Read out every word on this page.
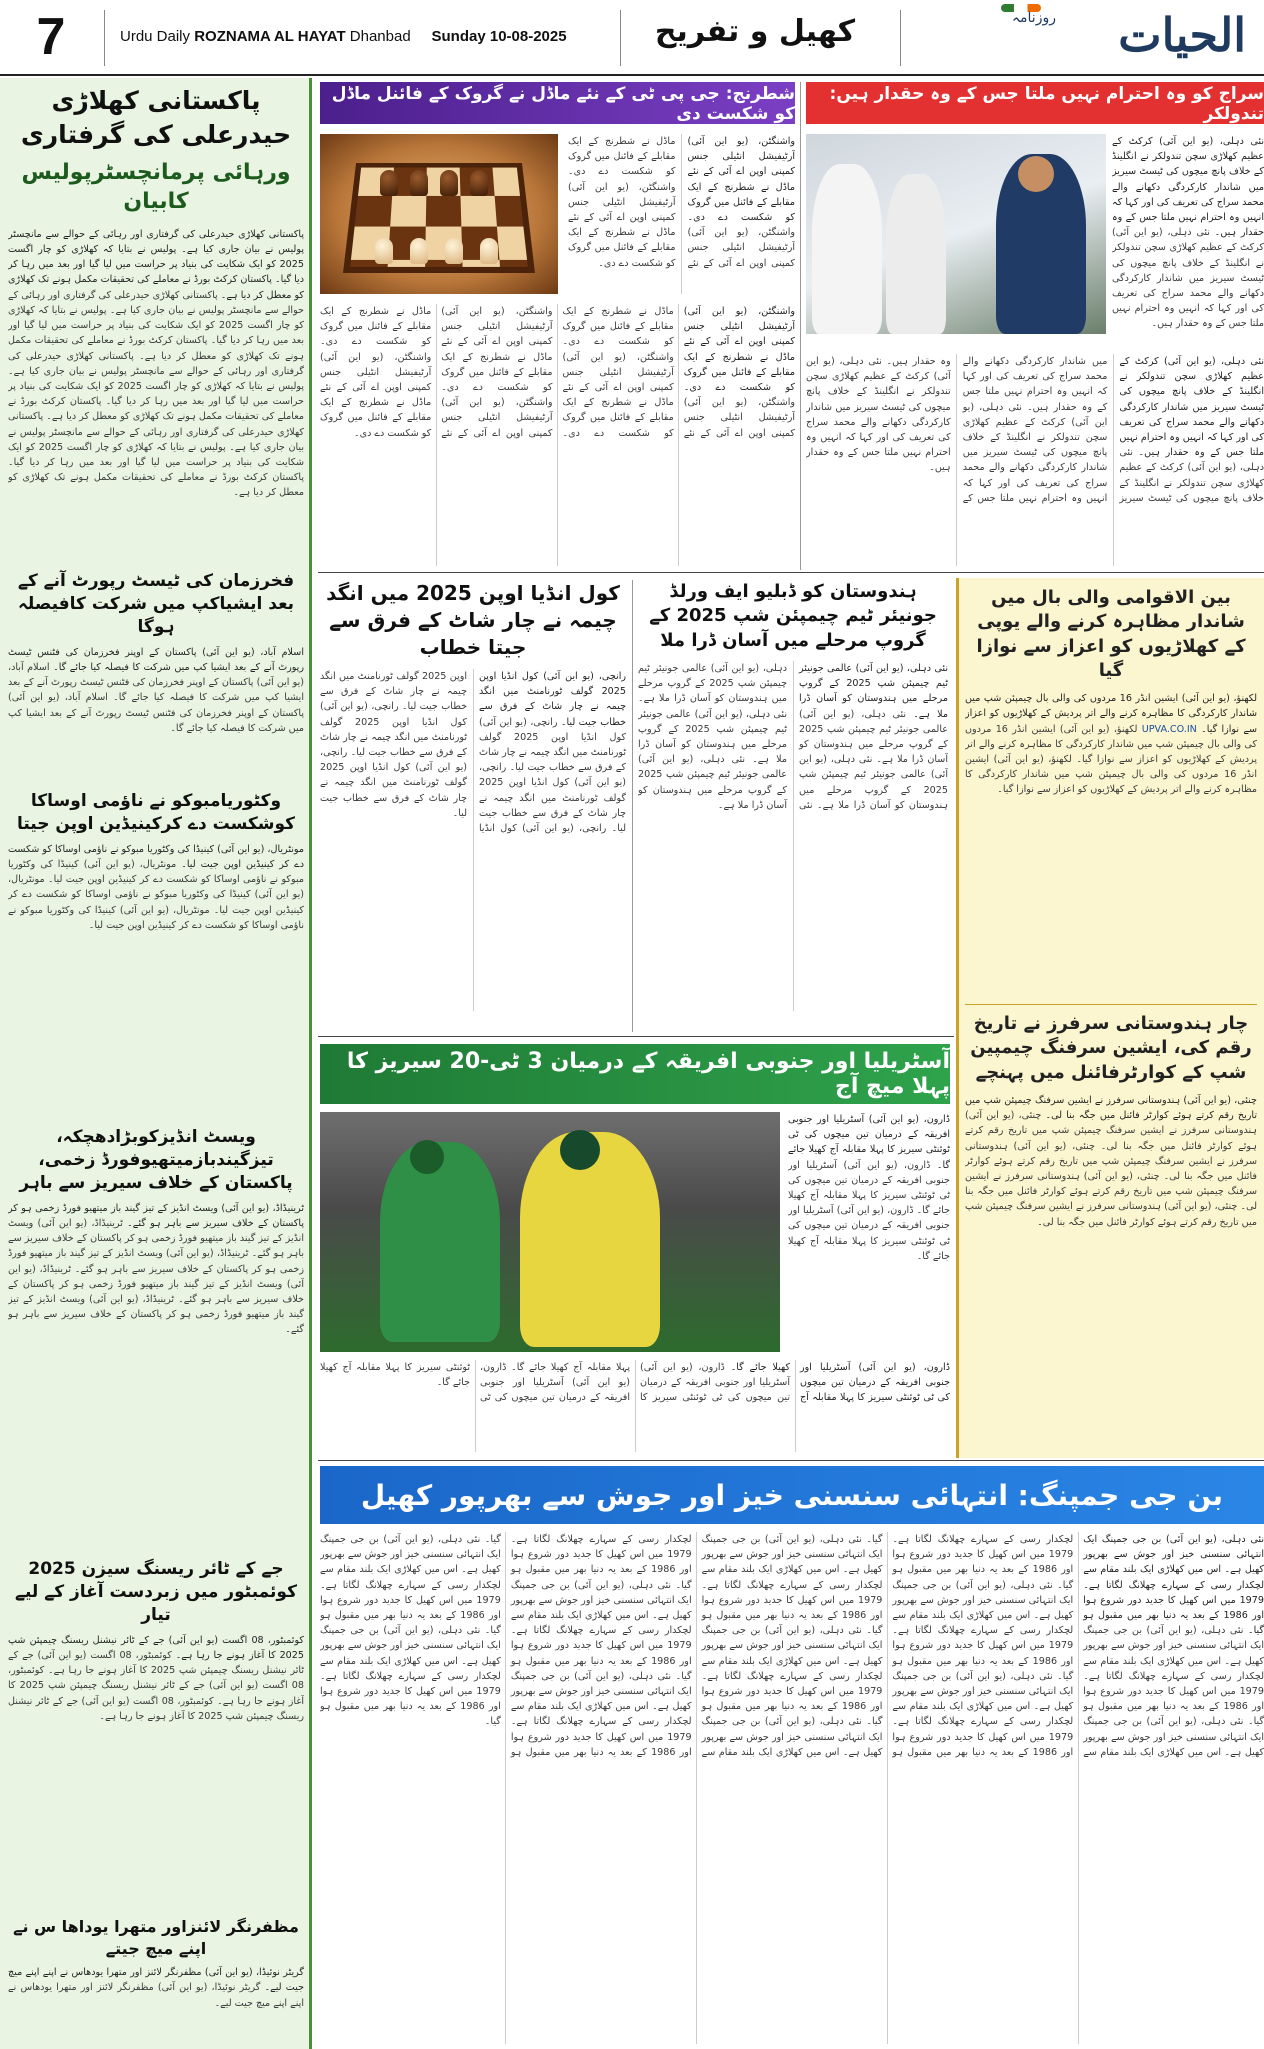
7	Urdu Daily ROZNAMA AL HAYAT Dhanbad Sunday 10-08-2025	کھیل و تفریح	روزنامہ الحیات
پاکستانی کھلاڑی حیدرعلی کی گرفتاری
ورہائی پرمانچسٹرپولیس کابیان

پاکستانی کھلاڑی حیدرعلی کی گرفتاری اور رہائی کے حوالے سے مانچسٹر پولیس نے بیان جاری کیا ہے۔ پولیس نے بتایا کہ کھلاڑی کو چار اگست 2025 کو ایک شکایت کی بنیاد پر حراست میں لیا گیا اور بعد میں رہا کر دیا گیا۔ پاکستان کرکٹ بورڈ نے معاملے کی تحقیقات مکمل ہونے تک کھلاڑی کو معطل کر دیا ہے۔ پاکستانی کھلاڑی حیدرعلی کی گرفتاری اور رہائی کے حوالے سے مانچسٹر پولیس نے بیان جاری کیا ہے۔ پولیس نے بتایا کہ کھلاڑی کو چار اگست 2025 کو ایک شکایت کی بنیاد پر حراست میں لیا گیا اور بعد میں رہا کر دیا گیا۔ پاکستان کرکٹ بورڈ نے معاملے کی تحقیقات مکمل ہونے تک کھلاڑی کو معطل کر دیا ہے۔ پاکستانی کھلاڑی حیدرعلی کی گرفتاری اور رہائی کے حوالے سے مانچسٹر پولیس نے بیان جاری کیا ہے۔ پولیس نے بتایا کہ کھلاڑی کو چار اگست 2025 کو ایک شکایت کی بنیاد پر حراست میں لیا گیا اور بعد میں رہا کر دیا گیا۔ پاکستان کرکٹ بورڈ نے معاملے کی تحقیقات مکمل ہونے تک کھلاڑی کو معطل کر دیا ہے۔ پاکستانی کھلاڑی حیدرعلی کی گرفتاری اور رہائی کے حوالے سے مانچسٹر پولیس نے بیان جاری کیا ہے۔ پولیس نے بتایا کہ کھلاڑی کو چار اگست 2025 کو ایک شکایت کی بنیاد پر حراست میں لیا گیا اور بعد میں رہا کر دیا گیا۔ پاکستان کرکٹ بورڈ نے معاملے کی تحقیقات مکمل ہونے تک کھلاڑی کو معطل کر دیا ہے۔

فخرزمان کی ٹیسٹ رپورٹ آنے کے بعد ایشیاکپ میں شرکت کافیصلہ ہوگا

اسلام آباد، (یو این آئی) پاکستان کے اوپنر فخرزمان کی فٹنس ٹیسٹ رپورٹ آنے کے بعد ایشیا کپ میں شرکت کا فیصلہ کیا جائے گا۔ اسلام آباد، (یو این آئی) پاکستان کے اوپنر فخرزمان کی فٹنس ٹیسٹ رپورٹ آنے کے بعد ایشیا کپ میں شرکت کا فیصلہ کیا جائے گا۔ اسلام آباد، (یو این آئی) پاکستان کے اوپنر فخرزمان کی فٹنس ٹیسٹ رپورٹ آنے کے بعد ایشیا کپ میں شرکت کا فیصلہ کیا جائے گا۔

وکٹوریامبوکو نے ناؤمی اوساکا کوشکست دے کرکینیڈین اوپن جیتا

مونٹریال، (یو این آئی) کینیڈا کی وکٹوریا مبوکو نے ناؤمی اوساکا کو شکست دے کر کینیڈین اوپن جیت لیا۔ مونٹریال، (یو این آئی) کینیڈا کی وکٹوریا مبوکو نے ناؤمی اوساکا کو شکست دے کر کینیڈین اوپن جیت لیا۔ مونٹریال، (یو این آئی) کینیڈا کی وکٹوریا مبوکو نے ناؤمی اوساکا کو شکست دے کر کینیڈین اوپن جیت لیا۔ مونٹریال، (یو این آئی) کینیڈا کی وکٹوریا مبوکو نے ناؤمی اوساکا کو شکست دے کر کینیڈین اوپن جیت لیا۔

ویسٹ انڈیزکوبڑادھچکہ، تیزگیندبازمیتھیوفورڈ زخمی، پاکستان کے خلاف سیریز سے باہر

ٹرینیڈاڈ، (یو این آئی) ویسٹ انڈیز کے تیز گیند باز میتھیو فورڈ زخمی ہو کر پاکستان کے خلاف سیریز سے باہر ہو گئے۔ ٹرینیڈاڈ، (یو این آئی) ویسٹ انڈیز کے تیز گیند باز میتھیو فورڈ زخمی ہو کر پاکستان کے خلاف سیریز سے باہر ہو گئے۔ ٹرینیڈاڈ، (یو این آئی) ویسٹ انڈیز کے تیز گیند باز میتھیو فورڈ زخمی ہو کر پاکستان کے خلاف سیریز سے باہر ہو گئے۔ ٹرینیڈاڈ، (یو این آئی) ویسٹ انڈیز کے تیز گیند باز میتھیو فورڈ زخمی ہو کر پاکستان کے خلاف سیریز سے باہر ہو گئے۔ ٹرینیڈاڈ، (یو این آئی) ویسٹ انڈیز کے تیز گیند باز میتھیو فورڈ زخمی ہو کر پاکستان کے خلاف سیریز سے باہر ہو گئے۔

جے کے ٹائر ریسنگ سیزن 2025 کوئمبٹور میں زبردست آغاز کے لیے تیار

کوئمبٹور، 08 اگست (یو این آئی) جے کے ٹائر نیشنل ریسنگ چیمپئن شپ 2025 کا آغاز ہونے جا رہا ہے۔ کوئمبٹور، 08 اگست (یو این آئی) جے کے ٹائر نیشنل ریسنگ چیمپئن شپ 2025 کا آغاز ہونے جا رہا ہے۔ کوئمبٹور، 08 اگست (یو این آئی) جے کے ٹائر نیشنل ریسنگ چیمپئن شپ 2025 کا آغاز ہونے جا رہا ہے۔ کوئمبٹور، 08 اگست (یو این آئی) جے کے ٹائر نیشنل ریسنگ چیمپئن شپ 2025 کا آغاز ہونے جا رہا ہے۔

مظفرنگر لائنزاور متھرا یوداھا س نے اپنے میچ جیتے

گریٹر نوئیڈا، (یو این آئی) مظفرنگر لائنز اور متھرا یودھاس نے اپنے اپنے میچ جیت لیے۔ گریٹر نوئیڈا، (یو این آئی) مظفرنگر لائنز اور متھرا یودھاس نے اپنے اپنے میچ جیت لیے۔

شطرنج: جی پی ٹی کے نئے ماڈل نے گروک کے فائنل ماڈل کو شکست دی
واشنگٹن، (یو این آئی) آرٹیفیشل انٹیلی جنس کمپنی اوپن اے آئی کے نئے ماڈل نے شطرنج کے ایک مقابلے کے فائنل میں گروک کو شکست دے دی۔ واشنگٹن، (یو این آئی) آرٹیفیشل انٹیلی جنس کمپنی اوپن اے آئی کے نئے ماڈل نے شطرنج کے ایک مقابلے کے فائنل میں گروک کو شکست دے دی۔ واشنگٹن، (یو این آئی) آرٹیفیشل انٹیلی جنس کمپنی اوپن اے آئی کے نئے ماڈل نے شطرنج کے ایک مقابلے کے فائنل میں گروک کو شکست دے دی۔
واشنگٹن، (یو این آئی) آرٹیفیشل انٹیلی جنس کمپنی اوپن اے آئی کے نئے ماڈل نے شطرنج کے ایک مقابلے کے فائنل میں گروک کو شکست دے دی۔ واشنگٹن، (یو این آئی) آرٹیفیشل انٹیلی جنس کمپنی اوپن اے آئی کے نئے ماڈل نے شطرنج کے ایک مقابلے کے فائنل میں گروک کو شکست دے دی۔ واشنگٹن، (یو این آئی) آرٹیفیشل انٹیلی جنس کمپنی اوپن اے آئی کے نئے ماڈل نے شطرنج کے ایک مقابلے کے فائنل میں گروک کو شکست دے دی۔ واشنگٹن، (یو این آئی) آرٹیفیشل انٹیلی جنس کمپنی اوپن اے آئی کے نئے ماڈل نے شطرنج کے ایک مقابلے کے فائنل میں گروک کو شکست دے دی۔ واشنگٹن، (یو این آئی) آرٹیفیشل انٹیلی جنس کمپنی اوپن اے آئی کے نئے ماڈل نے شطرنج کے ایک مقابلے کے فائنل میں گروک کو شکست دے دی۔ واشنگٹن، (یو این آئی) آرٹیفیشل انٹیلی جنس کمپنی اوپن اے آئی کے نئے ماڈل نے شطرنج کے ایک مقابلے کے فائنل میں گروک کو شکست دے دی۔
سراج کو وہ احترام نہیں ملتا جس کے وہ حقدار ہیں: تندولکر
نئی دہلی، (یو این آئی) کرکٹ کے عظیم کھلاڑی سچن تندولکر نے انگلینڈ کے خلاف پانچ میچوں کی ٹیسٹ سیریز میں شاندار کارکردگی دکھانے والے محمد سراج کی تعریف کی اور کہا کہ انہیں وہ احترام نہیں ملتا جس کے وہ حقدار ہیں۔ نئی دہلی، (یو این آئی) کرکٹ کے عظیم کھلاڑی سچن تندولکر نے انگلینڈ کے خلاف پانچ میچوں کی ٹیسٹ سیریز میں شاندار کارکردگی دکھانے والے محمد سراج کی تعریف کی اور کہا کہ انہیں وہ احترام نہیں ملتا جس کے وہ حقدار ہیں۔
نئی دہلی، (یو این آئی) کرکٹ کے عظیم کھلاڑی سچن تندولکر نے انگلینڈ کے خلاف پانچ میچوں کی ٹیسٹ سیریز میں شاندار کارکردگی دکھانے والے محمد سراج کی تعریف کی اور کہا کہ انہیں وہ احترام نہیں ملتا جس کے وہ حقدار ہیں۔ نئی دہلی، (یو این آئی) کرکٹ کے عظیم کھلاڑی سچن تندولکر نے انگلینڈ کے خلاف پانچ میچوں کی ٹیسٹ سیریز میں شاندار کارکردگی دکھانے والے محمد سراج کی تعریف کی اور کہا کہ انہیں وہ احترام نہیں ملتا جس کے وہ حقدار ہیں۔ نئی دہلی، (یو این آئی) کرکٹ کے عظیم کھلاڑی سچن تندولکر نے انگلینڈ کے خلاف پانچ میچوں کی ٹیسٹ سیریز میں شاندار کارکردگی دکھانے والے محمد سراج کی تعریف کی اور کہا کہ انہیں وہ احترام نہیں ملتا جس کے وہ حقدار ہیں۔ نئی دہلی، (یو این آئی) کرکٹ کے عظیم کھلاڑی سچن تندولکر نے انگلینڈ کے خلاف پانچ میچوں کی ٹیسٹ سیریز میں شاندار کارکردگی دکھانے والے محمد سراج کی تعریف کی اور کہا کہ انہیں وہ احترام نہیں ملتا جس کے وہ حقدار ہیں۔
کول انڈیا اوپن 2025 میں انگد چیمہ نے چار شاٹ کے فرق سے جیتا خطاب
رانچی، (یو این آئی) کول انڈیا اوپن 2025 گولف ٹورنامنٹ میں انگد چیمہ نے چار شاٹ کے فرق سے خطاب جیت لیا۔ رانچی، (یو این آئی) کول انڈیا اوپن 2025 گولف ٹورنامنٹ میں انگد چیمہ نے چار شاٹ کے فرق سے خطاب جیت لیا۔ رانچی، (یو این آئی) کول انڈیا اوپن 2025 گولف ٹورنامنٹ میں انگد چیمہ نے چار شاٹ کے فرق سے خطاب جیت لیا۔ رانچی، (یو این آئی) کول انڈیا اوپن 2025 گولف ٹورنامنٹ میں انگد چیمہ نے چار شاٹ کے فرق سے خطاب جیت لیا۔ رانچی، (یو این آئی) کول انڈیا اوپن 2025 گولف ٹورنامنٹ میں انگد چیمہ نے چار شاٹ کے فرق سے خطاب جیت لیا۔ رانچی، (یو این آئی) کول انڈیا اوپن 2025 گولف ٹورنامنٹ میں انگد چیمہ نے چار شاٹ کے فرق سے خطاب جیت لیا۔
ہندوستان کو ڈبلیو ایف ورلڈ جونیئر ٹیم چیمپئن شپ 2025 کے گروپ مرحلے میں آسان ڈرا ملا
نئی دہلی، (یو این آئی) عالمی جونیئر ٹیم چیمپئن شپ 2025 کے گروپ مرحلے میں ہندوستان کو آسان ڈرا ملا ہے۔ نئی دہلی، (یو این آئی) عالمی جونیئر ٹیم چیمپئن شپ 2025 کے گروپ مرحلے میں ہندوستان کو آسان ڈرا ملا ہے۔ نئی دہلی، (یو این آئی) عالمی جونیئر ٹیم چیمپئن شپ 2025 کے گروپ مرحلے میں ہندوستان کو آسان ڈرا ملا ہے۔ نئی دہلی، (یو این آئی) عالمی جونیئر ٹیم چیمپئن شپ 2025 کے گروپ مرحلے میں ہندوستان کو آسان ڈرا ملا ہے۔ نئی دہلی، (یو این آئی) عالمی جونیئر ٹیم چیمپئن شپ 2025 کے گروپ مرحلے میں ہندوستان کو آسان ڈرا ملا ہے۔ نئی دہلی، (یو این آئی) عالمی جونیئر ٹیم چیمپئن شپ 2025 کے گروپ مرحلے میں ہندوستان کو آسان ڈرا ملا ہے۔
بین الاقوامی والی بال میں شاندار مظاہرہ کرنے والے یوپی کے کھلاڑیوں کو اعزاز سے نوازا گیا

لکھنؤ، (یو این آئی) ایشین انڈر 16 مردوں کی والی بال چیمپئن شپ میں شاندار کارکردگی کا مظاہرہ کرنے والے اتر پردیش کے کھلاڑیوں کو اعزاز سے نوازا گیا۔ UPVA.CO.IN لکھنؤ، (یو این آئی) ایشین انڈر 16 مردوں کی والی بال چیمپئن شپ میں شاندار کارکردگی کا مظاہرہ کرنے والے اتر پردیش کے کھلاڑیوں کو اعزاز سے نوازا گیا۔ لکھنؤ، (یو این آئی) ایشین انڈر 16 مردوں کی والی بال چیمپئن شپ میں شاندار کارکردگی کا مظاہرہ کرنے والے اتر پردیش کے کھلاڑیوں کو اعزاز سے نوازا گیا۔

چار ہندوستانی سرفرز نے تاریخ رقم کی، ایشین سرفنگ چیمپین شپ کے کوارٹرفائنل میں پہنچے

چنئی، (یو این آئی) ہندوستانی سرفرز نے ایشین سرفنگ چیمپئن شپ میں تاریخ رقم کرتے ہوئے کوارٹر فائنل میں جگہ بنا لی۔ چنئی، (یو این آئی) ہندوستانی سرفرز نے ایشین سرفنگ چیمپئن شپ میں تاریخ رقم کرتے ہوئے کوارٹر فائنل میں جگہ بنا لی۔ چنئی، (یو این آئی) ہندوستانی سرفرز نے ایشین سرفنگ چیمپئن شپ میں تاریخ رقم کرتے ہوئے کوارٹر فائنل میں جگہ بنا لی۔ چنئی، (یو این آئی) ہندوستانی سرفرز نے ایشین سرفنگ چیمپئن شپ میں تاریخ رقم کرتے ہوئے کوارٹر فائنل میں جگہ بنا لی۔ چنئی، (یو این آئی) ہندوستانی سرفرز نے ایشین سرفنگ چیمپئن شپ میں تاریخ رقم کرتے ہوئے کوارٹر فائنل میں جگہ بنا لی۔

آسٹریلیا اور جنوبی افریقہ کے درمیان 3 ٹی-20 سیریز کا پہلا میچ آج
ڈارون، (یو این آئی) آسٹریلیا اور جنوبی افریقہ کے درمیان تین میچوں کی ٹی ٹوئنٹی سیریز کا پہلا مقابلہ آج کھیلا جائے گا۔ ڈارون، (یو این آئی) آسٹریلیا اور جنوبی افریقہ کے درمیان تین میچوں کی ٹی ٹوئنٹی سیریز کا پہلا مقابلہ آج کھیلا جائے گا۔ ڈارون، (یو این آئی) آسٹریلیا اور جنوبی افریقہ کے درمیان تین میچوں کی ٹی ٹوئنٹی سیریز کا پہلا مقابلہ آج کھیلا جائے گا۔
ڈارون، (یو این آئی) آسٹریلیا اور جنوبی افریقہ کے درمیان تین میچوں کی ٹی ٹوئنٹی سیریز کا پہلا مقابلہ آج کھیلا جائے گا۔ ڈارون، (یو این آئی) آسٹریلیا اور جنوبی افریقہ کے درمیان تین میچوں کی ٹی ٹوئنٹی سیریز کا پہلا مقابلہ آج کھیلا جائے گا۔ ڈارون، (یو این آئی) آسٹریلیا اور جنوبی افریقہ کے درمیان تین میچوں کی ٹی ٹوئنٹی سیریز کا پہلا مقابلہ آج کھیلا جائے گا۔
بن جی جمپنگ: انتہائی سنسنی خیز اور جوش سے بھرپور کھیل
نئی دہلی، (یو این آئی) بن جی جمپنگ ایک انتہائی سنسنی خیز اور جوش سے بھرپور کھیل ہے۔ اس میں کھلاڑی ایک بلند مقام سے لچکدار رسی کے سہارے چھلانگ لگاتا ہے۔ 1979 میں اس کھیل کا جدید دور شروع ہوا اور 1986 کے بعد یہ دنیا بھر میں مقبول ہو گیا۔ نئی دہلی، (یو این آئی) بن جی جمپنگ ایک انتہائی سنسنی خیز اور جوش سے بھرپور کھیل ہے۔ اس میں کھلاڑی ایک بلند مقام سے لچکدار رسی کے سہارے چھلانگ لگاتا ہے۔ 1979 میں اس کھیل کا جدید دور شروع ہوا اور 1986 کے بعد یہ دنیا بھر میں مقبول ہو گیا۔ نئی دہلی، (یو این آئی) بن جی جمپنگ ایک انتہائی سنسنی خیز اور جوش سے بھرپور کھیل ہے۔ اس میں کھلاڑی ایک بلند مقام سے لچکدار رسی کے سہارے چھلانگ لگاتا ہے۔ 1979 میں اس کھیل کا جدید دور شروع ہوا اور 1986 کے بعد یہ دنیا بھر میں مقبول ہو گیا۔ نئی دہلی، (یو این آئی) بن جی جمپنگ ایک انتہائی سنسنی خیز اور جوش سے بھرپور کھیل ہے۔ اس میں کھلاڑی ایک بلند مقام سے لچکدار رسی کے سہارے چھلانگ لگاتا ہے۔ 1979 میں اس کھیل کا جدید دور شروع ہوا اور 1986 کے بعد یہ دنیا بھر میں مقبول ہو گیا۔ نئی دہلی، (یو این آئی) بن جی جمپنگ ایک انتہائی سنسنی خیز اور جوش سے بھرپور کھیل ہے۔ اس میں کھلاڑی ایک بلند مقام سے لچکدار رسی کے سہارے چھلانگ لگاتا ہے۔ 1979 میں اس کھیل کا جدید دور شروع ہوا اور 1986 کے بعد یہ دنیا بھر میں مقبول ہو گیا۔ نئی دہلی، (یو این آئی) بن جی جمپنگ ایک انتہائی سنسنی خیز اور جوش سے بھرپور کھیل ہے۔ اس میں کھلاڑی ایک بلند مقام سے لچکدار رسی کے سہارے چھلانگ لگاتا ہے۔ 1979 میں اس کھیل کا جدید دور شروع ہوا اور 1986 کے بعد یہ دنیا بھر میں مقبول ہو گیا۔ نئی دہلی، (یو این آئی) بن جی جمپنگ ایک انتہائی سنسنی خیز اور جوش سے بھرپور کھیل ہے۔ اس میں کھلاڑی ایک بلند مقام سے لچکدار رسی کے سہارے چھلانگ لگاتا ہے۔ 1979 میں اس کھیل کا جدید دور شروع ہوا اور 1986 کے بعد یہ دنیا بھر میں مقبول ہو گیا۔ نئی دہلی، (یو این آئی) بن جی جمپنگ ایک انتہائی سنسنی خیز اور جوش سے بھرپور کھیل ہے۔ اس میں کھلاڑی ایک بلند مقام سے لچکدار رسی کے سہارے چھلانگ لگاتا ہے۔ 1979 میں اس کھیل کا جدید دور شروع ہوا اور 1986 کے بعد یہ دنیا بھر میں مقبول ہو گیا۔ نئی دہلی، (یو این آئی) بن جی جمپنگ ایک انتہائی سنسنی خیز اور جوش سے بھرپور کھیل ہے۔ اس میں کھلاڑی ایک بلند مقام سے لچکدار رسی کے سہارے چھلانگ لگاتا ہے۔ 1979 میں اس کھیل کا جدید دور شروع ہوا اور 1986 کے بعد یہ دنیا بھر میں مقبول ہو گیا۔ نئی دہلی، (یو این آئی) بن جی جمپنگ ایک انتہائی سنسنی خیز اور جوش سے بھرپور کھیل ہے۔ اس میں کھلاڑی ایک بلند مقام سے لچکدار رسی کے سہارے چھلانگ لگاتا ہے۔ 1979 میں اس کھیل کا جدید دور شروع ہوا اور 1986 کے بعد یہ دنیا بھر میں مقبول ہو گیا۔ نئی دہلی، (یو این آئی) بن جی جمپنگ ایک انتہائی سنسنی خیز اور جوش سے بھرپور کھیل ہے۔ اس میں کھلاڑی ایک بلند مقام سے لچکدار رسی کے سہارے چھلانگ لگاتا ہے۔ 1979 میں اس کھیل کا جدید دور شروع ہوا اور 1986 کے بعد یہ دنیا بھر میں مقبول ہو گیا۔ نئی دہلی، (یو این آئی) بن جی جمپنگ ایک انتہائی سنسنی خیز اور جوش سے بھرپور کھیل ہے۔ اس میں کھلاڑی ایک بلند مقام سے لچکدار رسی کے سہارے چھلانگ لگاتا ہے۔ 1979 میں اس کھیل کا جدید دور شروع ہوا اور 1986 کے بعد یہ دنیا بھر میں مقبول ہو گیا۔
